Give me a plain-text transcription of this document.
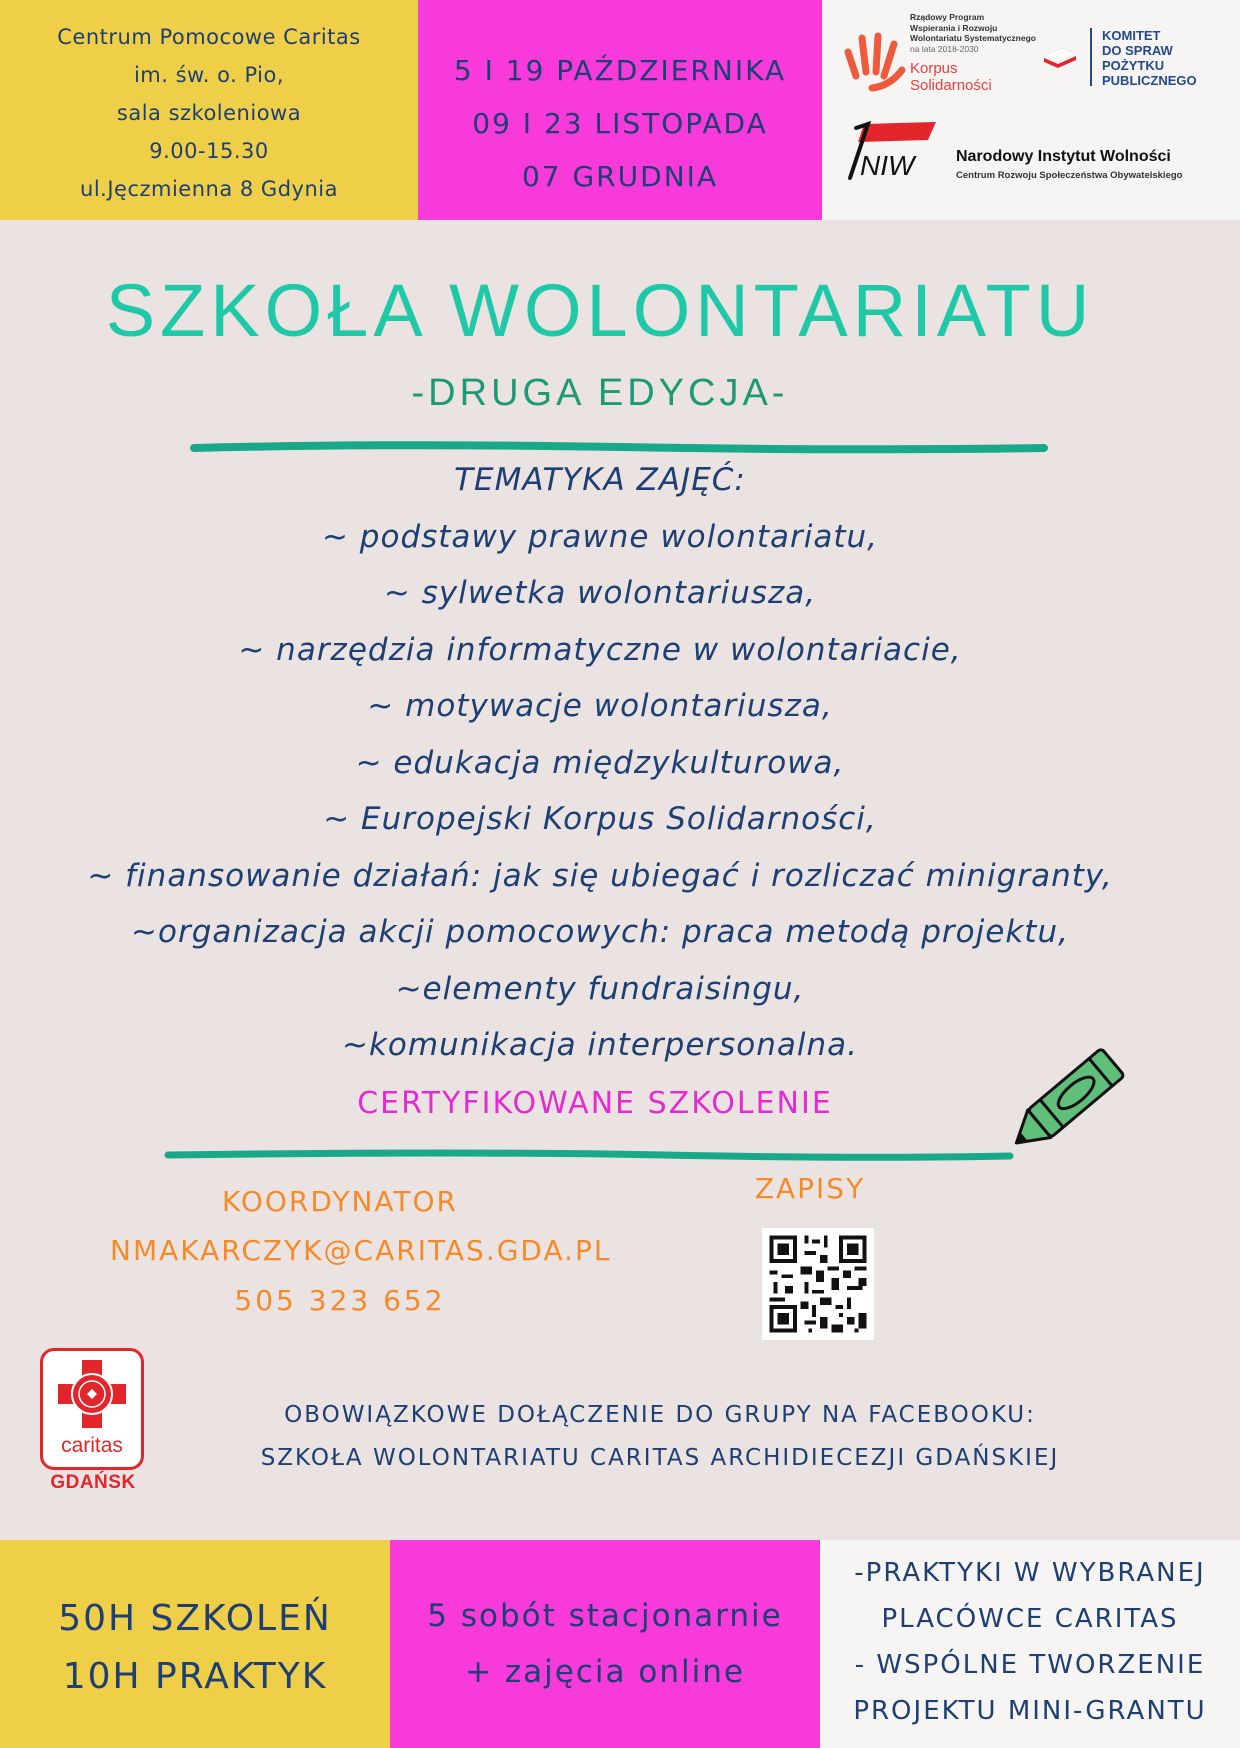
Centrum Pomocowe Caritas
im. św. o. Pio,
sala szkoleniowa
9.00-15.30
ul.Jęczmienna 8 Gdynia
5 I 19 PAŹDZIERNIKA
09 I 23 LISTOPADA
07 GRUDNIA
Rządowy Program
Wspierania i Rozwoju
Wolontariatu Systematycznego
na lata 2018-2030
Korpus
Solidarności
KOMITET
DO SPRAW
POŻYTKU
PUBLICZNEGO
NIW	Narodowy Instytut Wolności
Centrum Rozwoju Społeczeństwa Obywatelskiego
SZKOŁA WOLONTARIATU
-DRUGA EDYCJA-
TEMATYKA ZAJĘĆ:
~ podstawy prawne wolontariatu,
~ sylwetka wolontariusza,
~ narzędzia informatyczne w wolontariacie,
~ motywacje wolontariusza,
~ edukacja międzykulturowa,
~ Europejski Korpus Solidarności,
~ finansowanie działań: jak się ubiegać i rozliczać minigranty,
~organizacja akcji pomocowych: praca metodą projektu,
~elementy fundraisingu,
~komunikacja interpersonalna.
CERTYFIKOWANE SZKOLENIE
KOORDYNATOR
NMAKARCZYK@CARITAS.GDA.PL
505 323 652
ZAPISY
caritas
GDAŃSK
OBOWIĄZKOWE DOŁĄCZENIE DO GRUPY NA FACEBOOKU:
SZKOŁA WOLONTARIATU CARITAS ARCHIDIECEZJI GDAŃSKIEJ
50H SZKOLEŃ
10H PRAKTYK
5 sobót stacjonarnie
+ zajęcia online
-PRAKTYKI W WYBRANEJ
PLACÓWCE CARITAS
- WSPÓLNE TWORZENIE
PROJEKTU MINI-GRANTU
